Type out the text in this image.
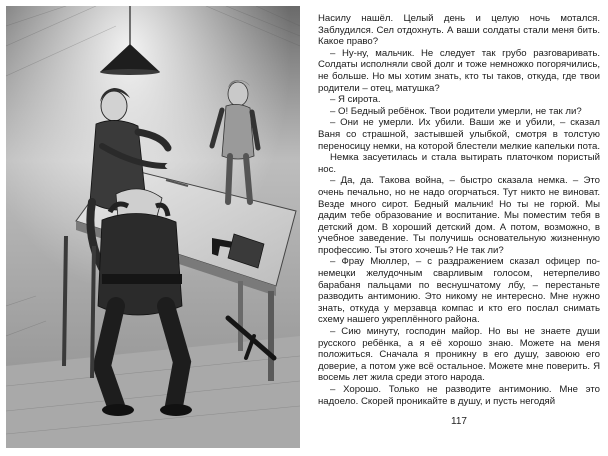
Насилу нашёл. Целый день и целую ночь мотался. Заблудился. Сел отдохнуть. А ваши солдаты стали меня бить. Какое право?

– Ну-ну, мальчик. Не следует так грубо разговаривать. Солдаты исполняли свой долг и тоже немножко погорячились, не больше. Но мы хотим знать, кто ты таков, откуда, где твои родители – отец, матушка?

– Я сирота.

– О! Бедный ребёнок. Твои родители умерли, не так ли?

– Они не умерли. Их убили. Ваши же и убили, – сказал Ваня со страшной, застывшей улыбкой, смотря в толстую переносицу немки, на которой блестели мелкие капельки пота.

Немка засуетилась и стала вытирать платочком пористый нос.

– Да, да. Такова война, – быстро сказала немка. – Это очень печально, но не надо огорчаться. Тут никто не виноват. Везде много сирот. Бедный мальчик! Но ты не горюй. Мы дадим тебе образование и воспитание. Мы поместим тебя в детский дом. В хороший детский дом. А потом, возможно, в учебное заведение. Ты получишь основательную жизненную профессию. Ты этого хочешь? Не так ли?

– Фрау Мюллер, – с раздражением сказал офицер по-немецки желудочным сварливым голосом, нетерпеливо барабаня пальцами по веснушчатому лбу, – перестаньте разводить антимонию. Это никому не интересно. Мне нужно знать, откуда у мерзавца компас и кто его послал снимать схему нашего укреплённого района.

– Сию минуту, господин майор. Но вы не знаете души русского ребёнка, а я её хорошо знаю. Можете на меня положиться. Сначала я проникну в его душу, завоюю его доверие, а потом уже всё остальное. Можете мне поверить. Я восемь лет жила среди этого народа.

– Хорошо. Только не разводите антимонию. Мне это надоело. Скорей проникайте в душу, и пусть негодяй

117
